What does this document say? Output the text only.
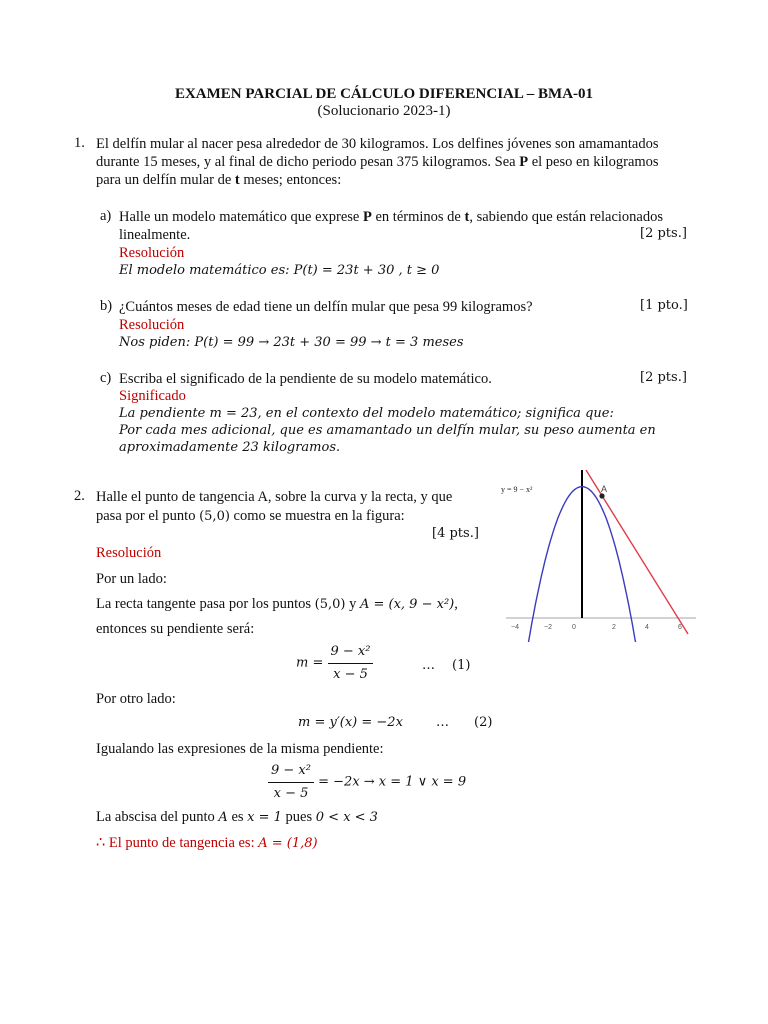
EXAMEN PARCIAL DE CÁLCULO DIFERENCIAL – BMA-01
(Solucionario 2023-1)
1. El delfín mular al nacer pesa alrededor de 30 kilogramos. Los delfines jóvenes son amamantados
durante 15 meses, y al final de dicho periodo pesan 375 kilogramos. Sea P el peso en kilogramos
para un delfín mular de t meses; entonces:
a) Halle un modelo matemático que exprese P en términos de t, sabiendo que están relacionados
linealmente.	[2 pts.]
Resolución
El modelo matemático es: P(t) = 23t + 30 , t ≥ 0
b) ¿Cuántos meses de edad tiene un delfín mular que pesa 99 kilogramos?	[1 pto.]
Resolución
Nos piden: P(t) = 99 → 23t + 30 = 99 → t = 3 meses
c) Escriba el significado de la pendiente de su modelo matemático.	[2 pts.]
Significado
La pendiente m = 23, en el contexto del modelo matemático; significa que:
Por cada mes adicional, que es amamantado un delfín mular, su peso aumenta en
aproximadamente 23 kilogramos.
2. Halle el punto de tangencia A, sobre la curva y la recta, y que
pasa por el punto (5,0) como se muestra en la figura:
[4 pts.]
Resolución
Por un lado:
La recta tangente pasa por los puntos (5,0) y A = (x, 9 − x²),
entonces su pendiente será:
$m = \frac{\text{9 − x²}}{x - 5}$	… (1)
Por otro lado:
m = y′(x) = −2x	… (2)
Igualando las expresiones de la misma pendiente:
$\frac{\text{9 − x²}}{x - 5} = -2x \to x = 1$ ∨ x = 9
La abscisa del punto A es x = 1 pues 0 < x < 3
∴ El punto de tangencia es: A = (1,8)
A
y = 9 − x²
−4	−2	0	2	4	6
